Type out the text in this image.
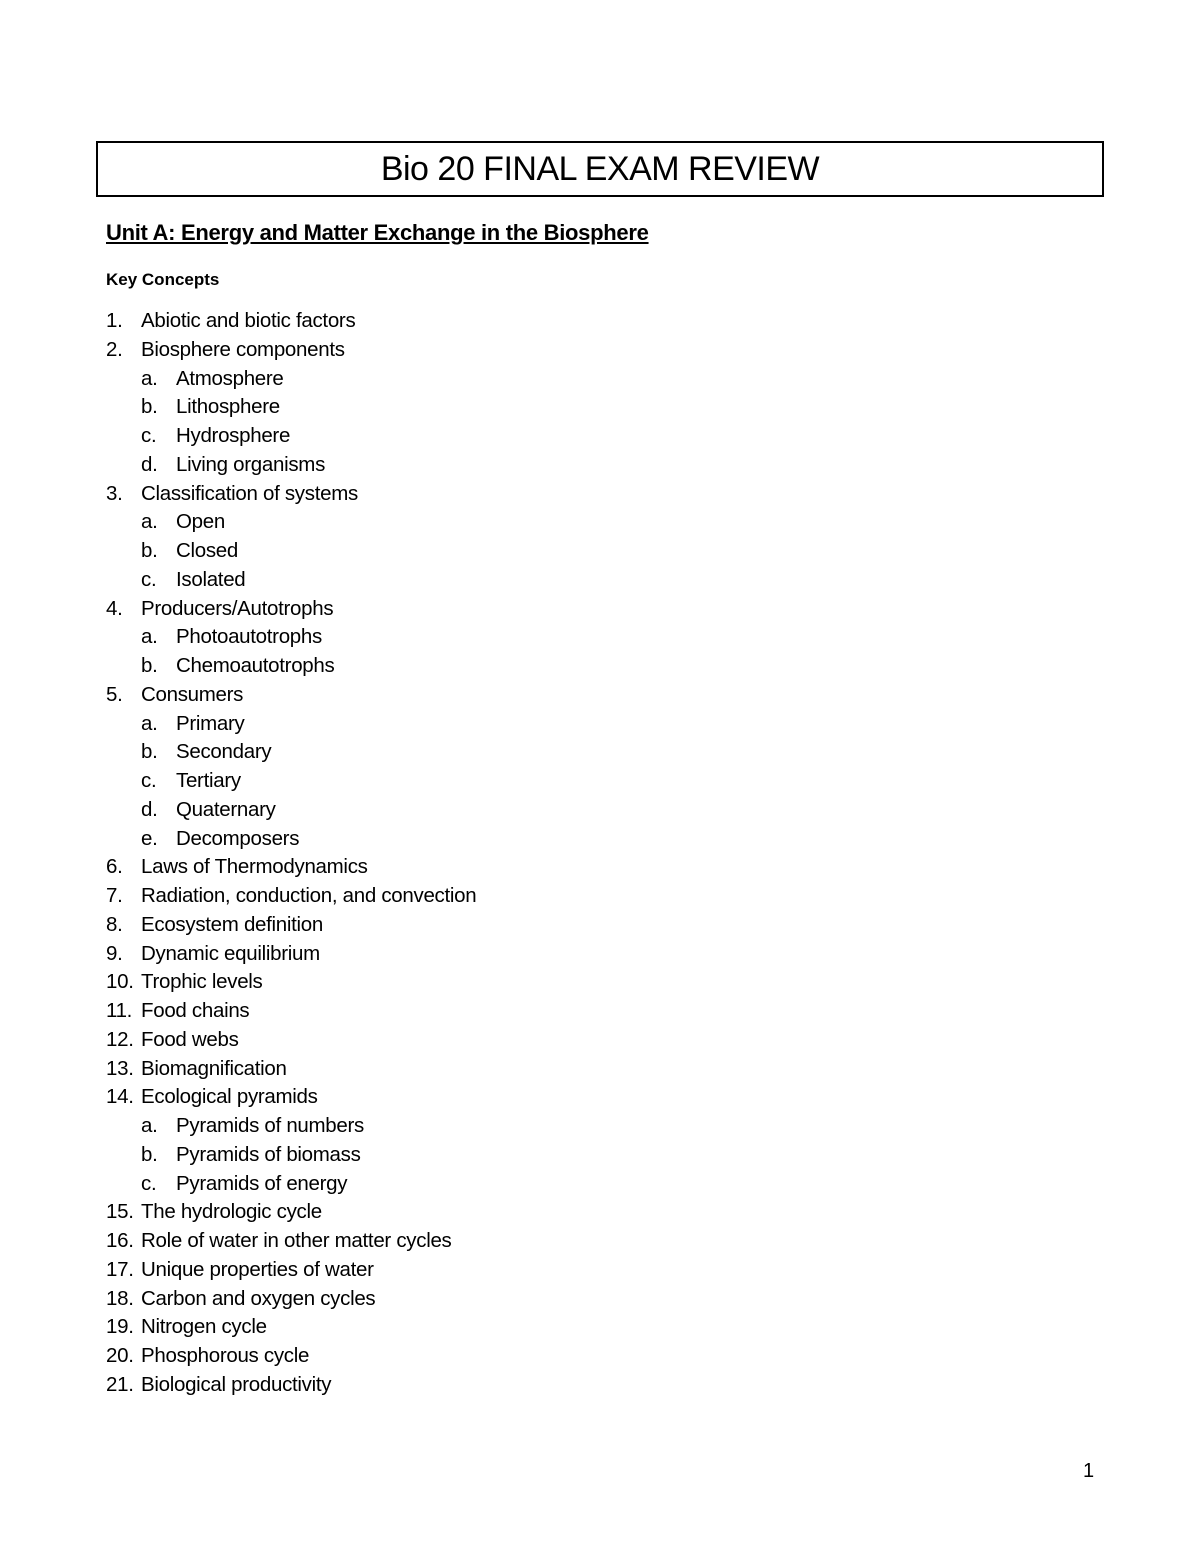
Bio 20 FINAL EXAM REVIEW
Unit A: Energy and Matter Exchange in the Biosphere
Key Concepts
1. Abiotic and biotic factors
2. Biosphere components
a. Atmosphere
b. Lithosphere
c. Hydrosphere
d. Living organisms
3. Classification of systems
a. Open
b. Closed
c. Isolated
4. Producers/Autotrophs
a. Photoautotrophs
b. Chemoautotrophs
5. Consumers
a. Primary
b. Secondary
c. Tertiary
d. Quaternary
e. Decomposers
6. Laws of Thermodynamics
7. Radiation, conduction, and convection
8. Ecosystem definition
9. Dynamic equilibrium
10. Trophic levels
11. Food chains
12. Food webs
13. Biomagnification
14. Ecological pyramids
a. Pyramids of numbers
b. Pyramids of biomass
c. Pyramids of energy
15. The hydrologic cycle
16. Role of water in other matter cycles
17. Unique properties of water
18. Carbon and oxygen cycles
19. Nitrogen cycle
20. Phosphorous cycle
21. Biological productivity
1
